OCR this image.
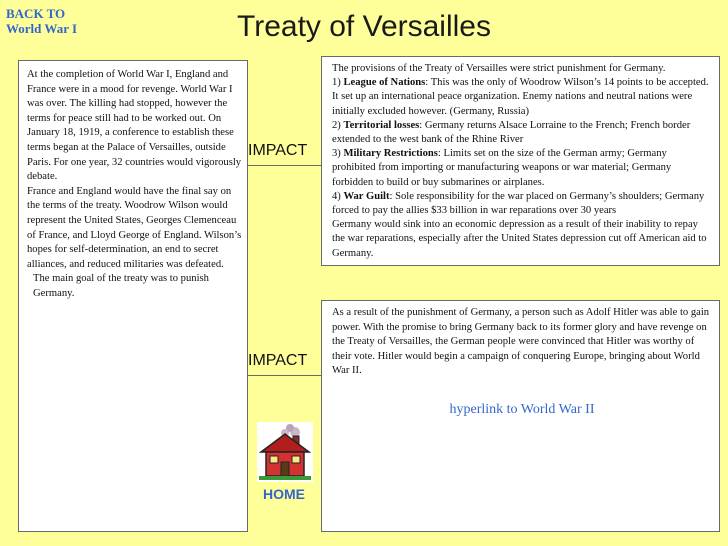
BACK TO
World War I	Treaty of Versailles

At the completion of World War I, England and France were in a mood for revenge. World War I was over. The killing had stopped, however the terms for peace still had to be worked out. On January 18, 1919, a conference to establish these terms began at the Palace of Versailles, outside Paris. For one year, 32 countries would vigorously debate.

France and England would have the final say on the terms of the treaty. Woodrow Wilson would represent the United States, Georges Clemenceau of France, and Lloyd George of England. Wilson’s hopes for self-determination, an end to secret alliances, and reduced militaries was defeated.

The main goal of the treaty was to punish Germany.

IMPACT

The provisions of the Treaty of Versailles were strict punishment for Germany.

1) League of Nations: This was the only of Woodrow Wilson’s 14 points to be accepted. It set up an international peace organization. Enemy nations and neutral nations were initially excluded however. (Germany, Russia)

2) Territorial losses: Germany returns Alsace Lorraine to the French; French border extended to the west bank of the Rhine River

3) Military Restrictions: Limits set on the size of the German army; Germany prohibited from importing or manufacturing weapons or war material; Germany forbidden to build or buy submarines or airplanes.

4) War Guilt: Sole responsibility for the war placed on Germany’s shoulders; Germany forced to pay the allies $33 billion in war reparations over 30 years

Germany would sink into an economic depression as a result of their inability to repay the war reparations, especially after the United States depression cut off American aid to Germany.

IMPACT

As a result of the punishment of Germany, a person such as Adolf Hitler was able to gain power. With the promise to bring Germany back to its former glory and have revenge on the Treaty of Versailles, the German people were convinced that Hitler was worthy of their vote. Hitler would begin a campaign of conquering Europe, bringing about World War II.

hyperlink to World War II
HOME
